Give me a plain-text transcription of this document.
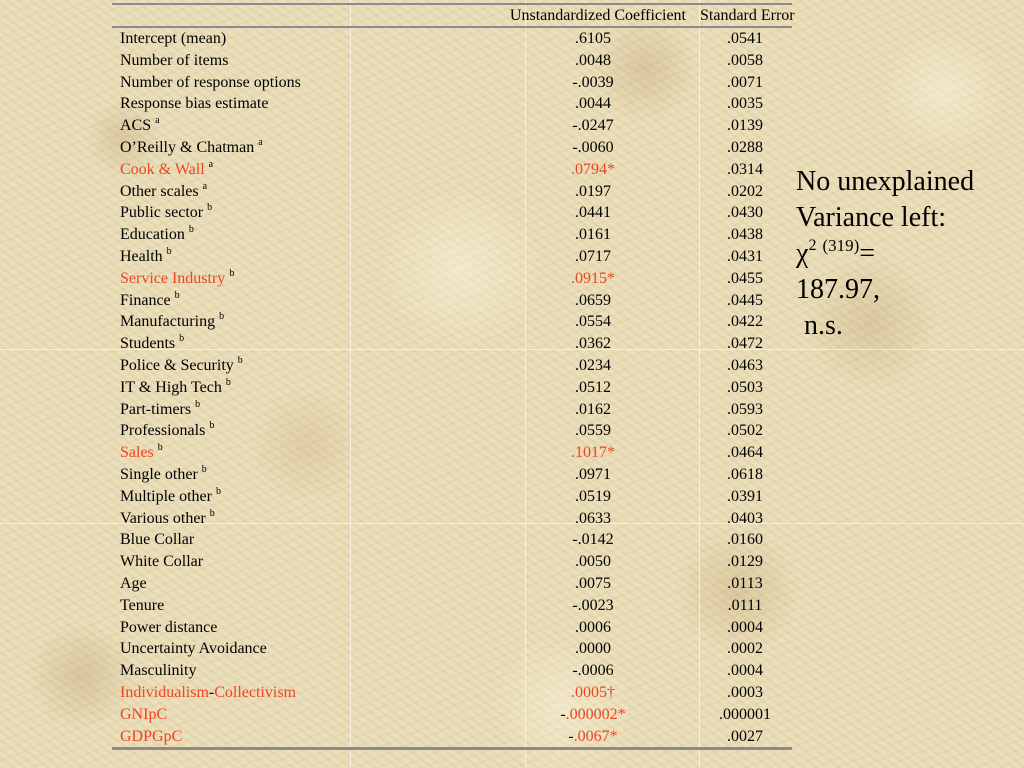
	Unstandardized Coefficient	Standard Error
Intercept (mean)	.6105	.0541
Number of items	.0048	.0058
Number of response options	-.0039	.0071
Response bias estimate	.0044	.0035
ACS $^a$	-.0247	.0139
O’Reilly & Chatman $^a$	-.0060	.0288
Cook & Wall $^a$	.0794*	.0314
Other scales $^a$	.0197	.0202
Public sector $^b$	.0441	.0430
Education $^b$	.0161	.0438
Health $^b$	.0717	.0431
Service Industry $^b$	.0915*	.0455
Finance $^b$	.0659	.0445
Manufacturing $^b$	.0554	.0422
Students $^b$	.0362	.0472
Police & Security $^b$	.0234	.0463
IT & High Tech $^b$	.0512	.0503
Part-timers $^b$	.0162	.0593
Professionals $^b$	.0559	.0502
Sales $^b$	.1017*	.0464
Single other $^b$	.0971	.0618
Multiple other $^b$	.0519	.0391
Various other $^b$	.0633	.0403
Blue Collar	-.0142	.0160
White Collar	.0050	.0129
Age	.0075	.0113
Tenure	-.0023	.0111
Power distance	.0006	.0004
Uncertainty Avoidance	.0000	.0002
Masculinity	-.0006	.0004
Individualism-Collectivism	.0005†	.0003
GNIpC	-.000002*	.000001
GDPGpC	-.0067*	.0027
No unexplained
Variance left:
$\chi^2$ $^{(319)}$=
187.97,
n.s.
